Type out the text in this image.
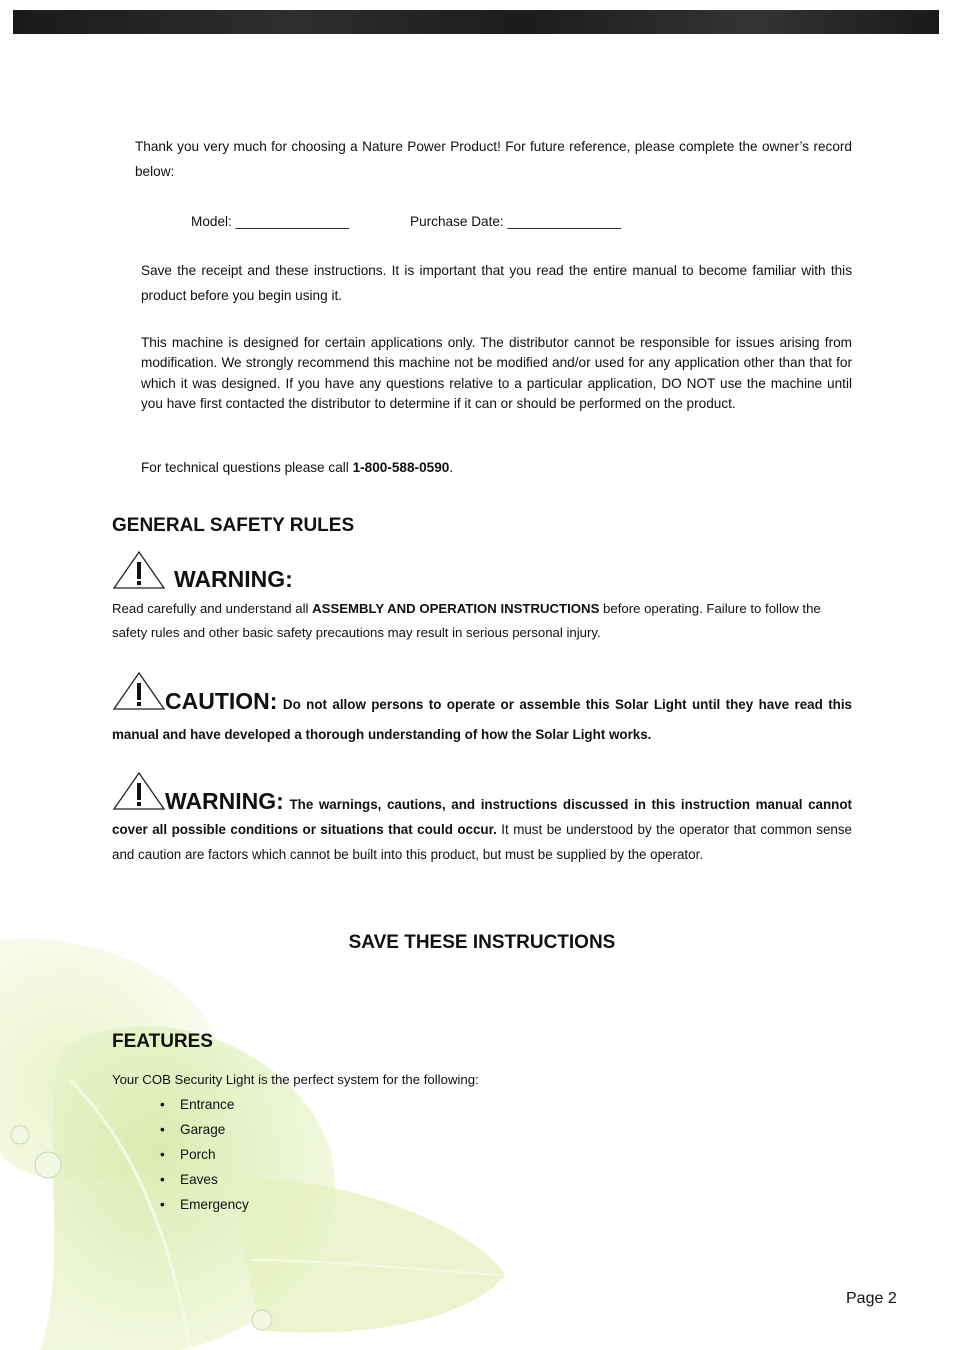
Thank you very much for choosing a Nature Power Product! For future reference, please complete the owner’s record below:
Model: _______________	Purchase Date: _______________
Save the receipt and these instructions. It is important that you read the entire manual to become familiar with this product before you begin using it.
This machine is designed for certain applications only. The distributor cannot be responsible for issues arising from modification. We strongly recommend this machine not be modified and/or used for any application other than that for which it was designed. If you have any questions relative to a particular application, DO NOT use the machine until you have first contacted the distributor to determine if it can or should be performed on the product.
For technical questions please call 1-800-588-0590.
GENERAL SAFETY RULES
WARNING:
Read carefully and understand all ASSEMBLY AND OPERATION INSTRUCTIONS before operating. Failure to follow the safety rules and other basic safety precautions may result in serious personal injury.
CAUTION: Do not allow persons to operate or assemble this Solar Light until they have read this manual and have developed a thorough understanding of how the Solar Light works.
WARNING: The warnings, cautions, and instructions discussed in this instruction manual cannot cover all possible conditions or situations that could occur. It must be understood by the operator that common sense and caution are factors which cannot be built into this product, but must be supplied by the operator.
SAVE THESE INSTRUCTIONS
FEATURES
Your COB Security Light is the perfect system for the following:
• Entrance
• Garage
• Porch
• Eaves
• Emergency
Page 2
